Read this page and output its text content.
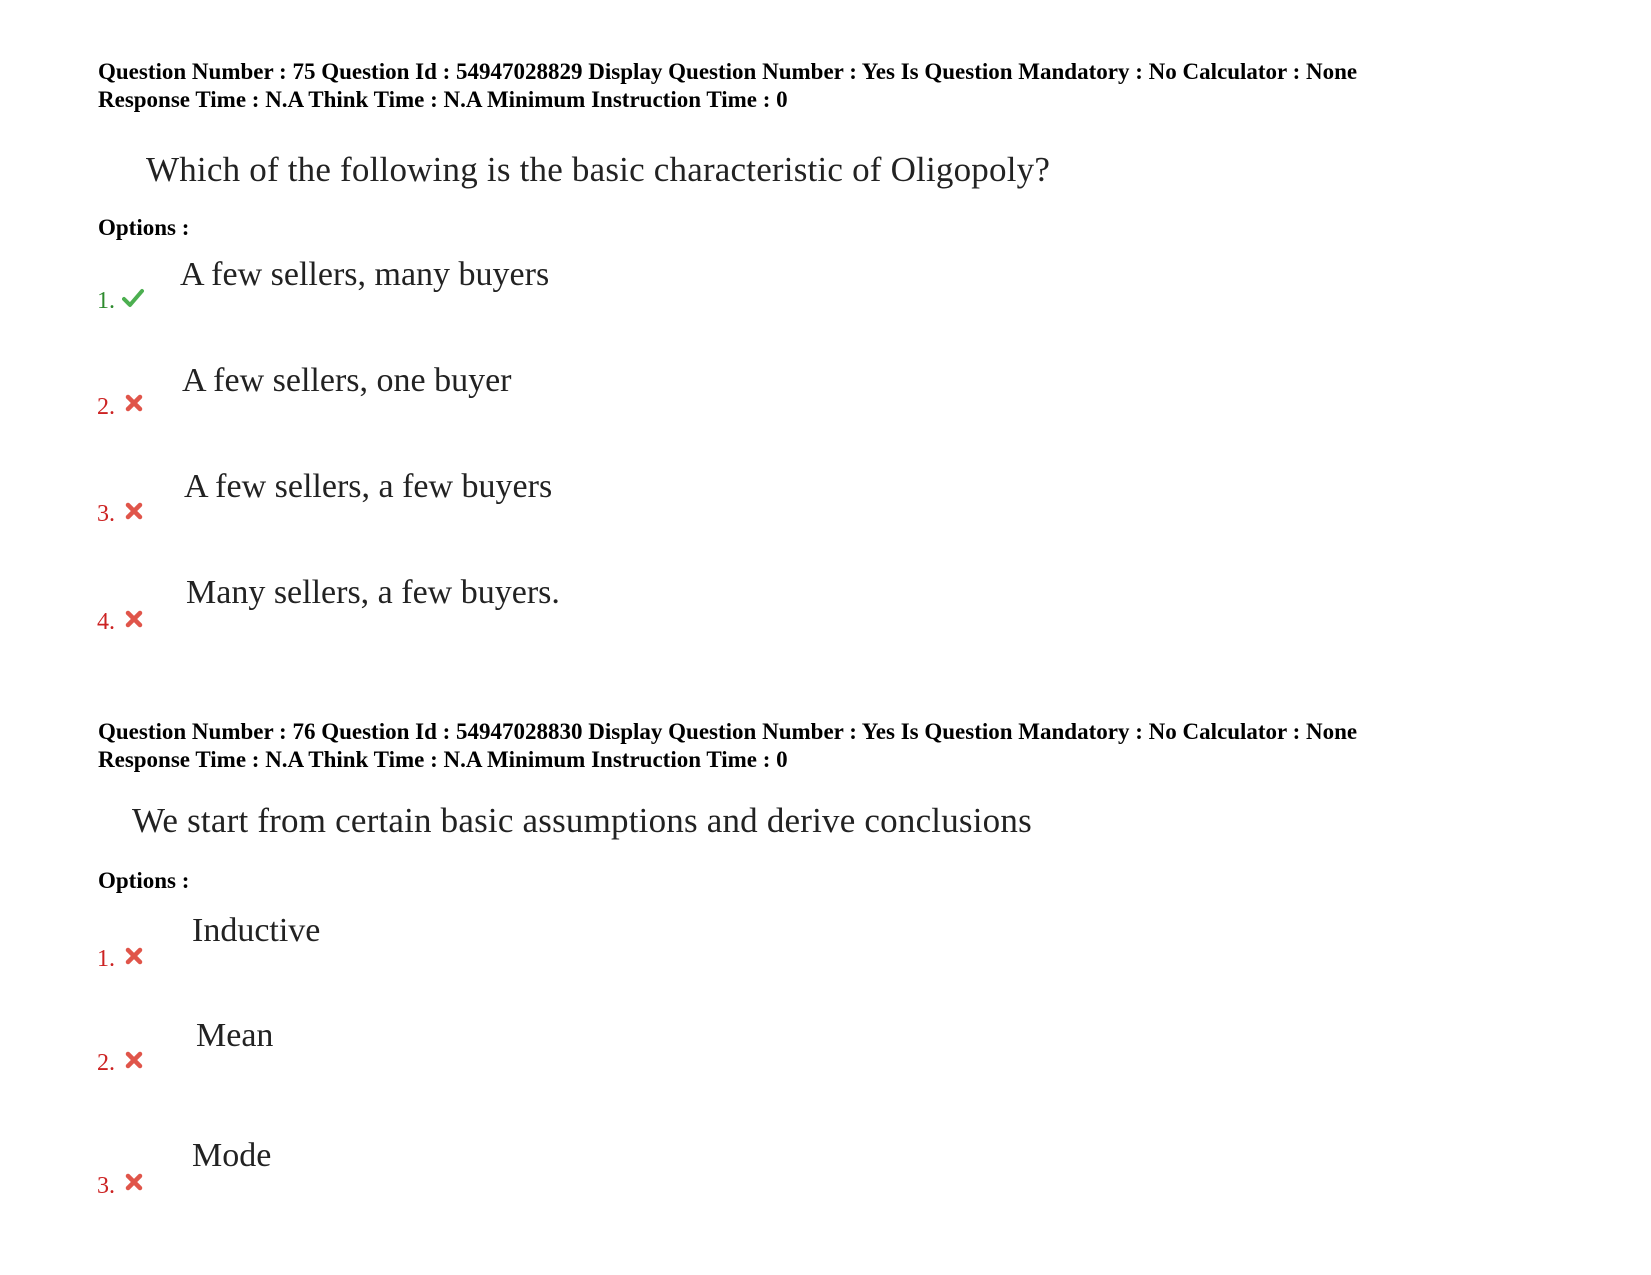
Question Number : 75 Question Id : 54947028829 Display Question Number : Yes Is Question Mandatory : No Calculator : None
Response Time : N.A Think Time : N.A Minimum Instruction Time : 0
Which of the following is the basic characteristic of Oligopoly?
Options :
A few sellers, many buyers
1.
A few sellers, one buyer
2.
A few sellers, a few buyers
3.
Many sellers, a few buyers.
4.
Question Number : 76 Question Id : 54947028830 Display Question Number : Yes Is Question Mandatory : No Calculator : None
Response Time : N.A Think Time : N.A Minimum Instruction Time : 0
We start from certain basic assumptions and derive conclusions
Options :
Inductive
1.
Mean
2.
Mode
3.
